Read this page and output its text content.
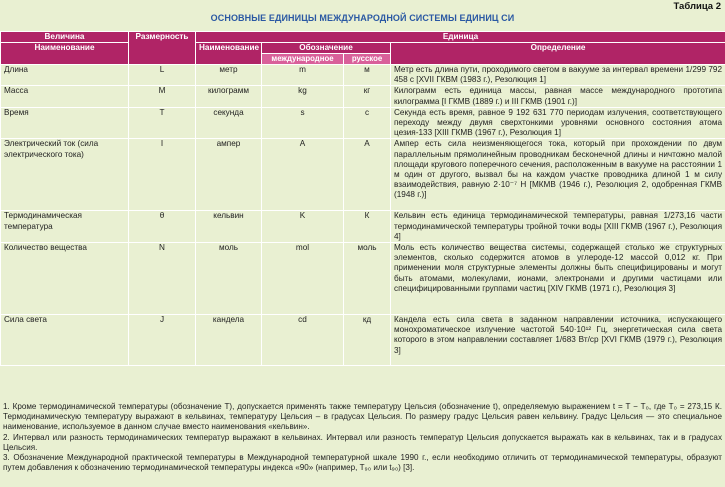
Таблица 2
ОСНОВНЫЕ ЕДИНИЦЫ МЕЖДУНАРОДНОЙ СИСТЕМЫ ЕДИНИЦ СИ
Величина	Размерность	Единица			
Наименование		Наименование	Обозначение		Определение
			международное	русское	
Длина	L	метр	m	м	Метр есть длина пути, проходимого светом в вакууме за интервал времени 1/299 792 458 с [XVII ГКВМ (1983 г.), Резолюция 1]
Масса	M	килограмм	kg	кг	Килограмм есть единица массы, равная массе международного прототипа килограмма [I ГКМВ (1889 г.) и III ГКМВ (1901 г.)]
Время	T	секунда	s	с	Секунда есть время, равное 9 192 631 770 периодам излучения, соответствующего переходу между двумя сверхтонкими уровнями основного состояния атома цезия-133 [XIII ГКМВ (1967 г.), Резолюция 1]
Электрический ток (сила электрического тока)	I	ампер	A	А	Ампер есть сила неизменяющегося тока, который при прохождении по двум параллельным прямолинейным проводникам бесконечной длины и ничтожно малой площади кругового поперечного сечения, расположенным в вакууме на расстоянии 1 м один от другого, вызвал бы на каждом участке проводника длиной 1 м силу взаимодействия, равную 2·10⁻⁷ Н [МКМВ (1946 г.), Резолюция 2, одобренная ГКМВ (1948 г.)]
Термодинамическая температура	θ	кельвин	K	К	Кельвин есть единица термодинамической температуры, равная 1/273,16 части термодинамической температуры тройной точки воды [XIII ГКМВ (1967 г.), Резолюция 4]
Количество вещества	N	моль	mol	моль	Моль есть количество вещества системы, содержащей столько же структурных элементов, сколько содержится атомов в углероде-12 массой 0,012 кг. При применении моля структурные элементы должны быть специфицированы и могут быть атомами, молекулами, ионами, электронами и другими частицами или специфицированными группами частиц [XIV ГКМВ (1971 г.), Резолюция 3]
Сила света	J	кандела	cd	кд	Кандела есть сила света в заданном направлении источника, испускающего монохроматическое излучение частотой 540·10¹² Гц, энергетическая сила света которого в этом направлении составляет 1/683 Вт/ср [XVI ГКМВ (1979 г.), Резолюция 3]

1. Кроме термодинамической температуры (обозначение Т), допускается применять также температуру Цельсия (обозначение t), определяемую выражением t = T − T₀, где T₀ = 273,15 К. Термодинамическую температуру выражают в кельвинах, температуру Цельсия – в градусах Цельсия. По размеру градус Цельсия равен кельвину. Градус Цельсия — это специальное наименование, используемое в данном случае вместо наименования «кельвин».

2. Интервал или разность термодинамических температур выражают в кельвинах. Интервал или разность температур Цельсия допускается выражать как в кельвинах, так и в градусах Цельсия.

3. Обозначение Международной практической температуры в Международной температурной шкале 1990 г., если необходимо отличить от термодинамической температуры, образуют путем добавления к обозначению термодинамической температуры индекса «90» (например, T₉₀ или t₉₀) [3].
